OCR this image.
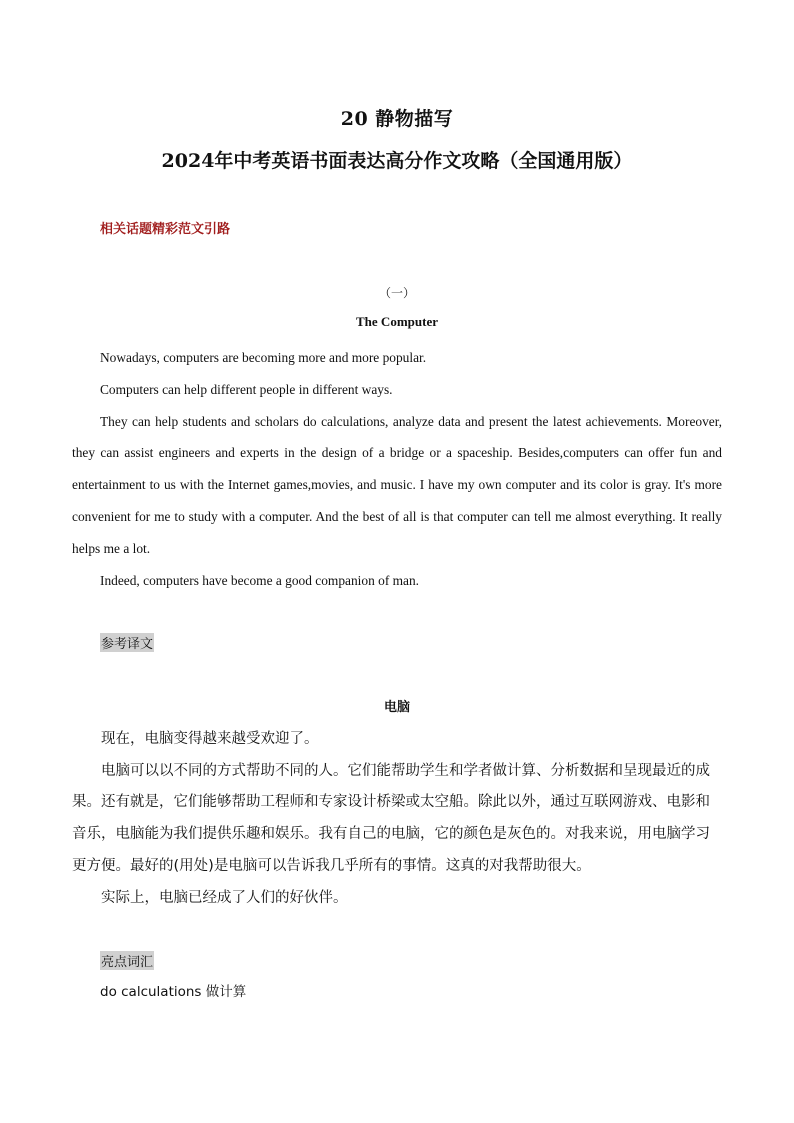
20 静物描写
2024年中考英语书面表达高分作文攻略（全国通用版）
相关话题精彩范文引路
（一）
The Computer

Nowadays, computers are becoming more and more popular.

Computers can help different people in different ways.

They can help students and scholars do calculations, analyze data and present the latest achievements. Moreover, they can assist engineers and experts in the design of a bridge or a spaceship. Besides,computers can offer fun and entertainment to us with the Internet games,movies, and music. I have my own computer and its color is gray. It's more convenient for me to study with a computer. And the best of all is that computer can tell me almost everything. It really helps me a lot.

Indeed, computers have become a good companion of man.

参考译文
电脑

现在，电脑变得越来越受欢迎了。

电脑可以以不同的方式帮助不同的人。它们能帮助学生和学者做计算、分析数据和呈现最近的成果。还有就是，它们能够帮助工程师和专家设计桥梁或太空船。除此以外，通过互联网游戏、电影和音乐，电脑能为我们提供乐趣和娱乐。我有自己的电脑，它的颜色是灰色的。对我来说，用电脑学习更方便。最好的(用处)是电脑可以告诉我几乎所有的事情。这真的对我帮助很大。

实际上，电脑已经成了人们的好伙伴。

亮点词汇
do calculations 做计算
